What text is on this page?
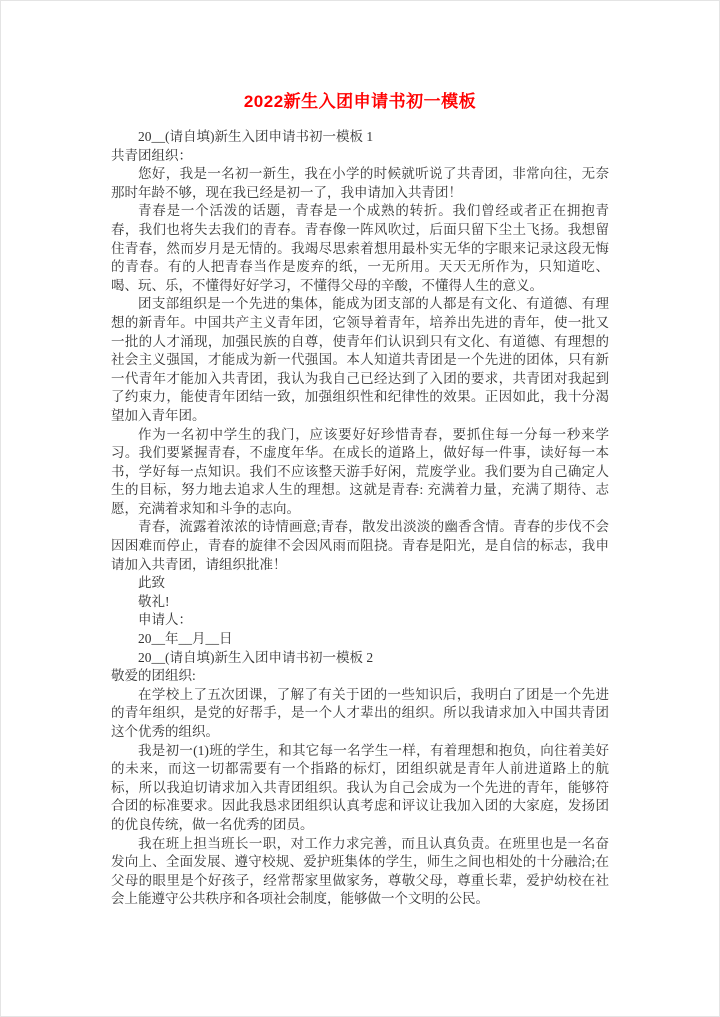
2022新生入团申请书初一模板

20__(请自填)新生入团申请书初一模板 1

共青团组织：

您好，我是一名初一新生，我在小学的时候就听说了共青团，非常向往，无奈那时年龄不够，现在我已经是初一了，我申请加入共青团！

青春是一个活泼的话题，青春是一个成熟的转折。我们曾经或者正在拥抱青春，我们也将失去我们的青春。青春像一阵风吹过，后面只留下尘土飞扬。我想留住青春，然而岁月是无情的。我竭尽思索着想用最朴实无华的字眼来记录这段无悔的青春。有的人把青春当作是废弃的纸，一无所用。天天无所作为，只知道吃、喝、玩、乐，不懂得好好学习，不懂得父母的辛酸，不懂得人生的意义。

团支部组织是一个先进的集体，能成为团支部的人都是有文化、有道德、有理想的新青年。中国共产主义青年团，它领导着青年，培养出先进的青年，使一批又一批的人才涌现，加强民族的自尊，使青年们认识到只有文化、有道德、有理想的社会主义强国，才能成为新一代强国。本人知道共青团是一个先进的团体，只有新一代青年才能加入共青团，我认为我自己已经达到了入团的要求，共青团对我起到了约束力，能使青年团结一致，加强组织性和纪律性的效果。正因如此，我十分渴望加入青年团。

作为一名初中学生的我门，应该要好好珍惜青春，要抓住每一分每一秒来学习。我们要紧握青春，不虚度年华。在成长的道路上，做好每一件事，读好每一本书，学好每一点知识。我们不应该整天游手好闲，荒废学业。我们要为自己确定人生的目标，努力地去追求人生的理想。这就是青春: 充满着力量，充满了期待、志愿，充满着求知和斗争的志向。

青春，流露着浓浓的诗情画意;青春，散发出淡淡的幽香含情。青春的步伐不会因困难而停止，青春的旋律不会因风雨而阻挠。青春是阳光，是自信的标志，我申请加入共青团，请组织批准！

此致

敬礼!

申请人：

20__年__月__日

20__(请自填)新生入团申请书初一模板 2

敬爱的团组织:

在学校上了五次团课，了解了有关于团的一些知识后，我明白了团是一个先进的青年组织，是党的好帮手，是一个人才辈出的组织。所以我请求加入中国共青团这个优秀的组织。

我是初一(1)班的学生，和其它每一名学生一样，有着理想和抱负，向往着美好的未来，而这一切都需要有一个指路的标灯，团组织就是青年人前进道路上的航标，所以我迫切请求加入共青团组织。我认为自己会成为一个先进的青年，能够符合团的标准要求。因此我恳求团组织认真考虑和评议让我加入团的大家庭，发扬团的优良传统，做一名优秀的团员。

我在班上担当班长一职，对工作力求完善，而且认真负责。在班里也是一名奋发向上、全面发展、遵守校规、爱护班集体的学生，师生之间也相处的十分融洽;在父母的眼里是个好孩子，经常帮家里做家务，尊敬父母，尊重长辈，爱护幼校在社会上能遵守公共秩序和各项社会制度，能够做一个文明的公民。
